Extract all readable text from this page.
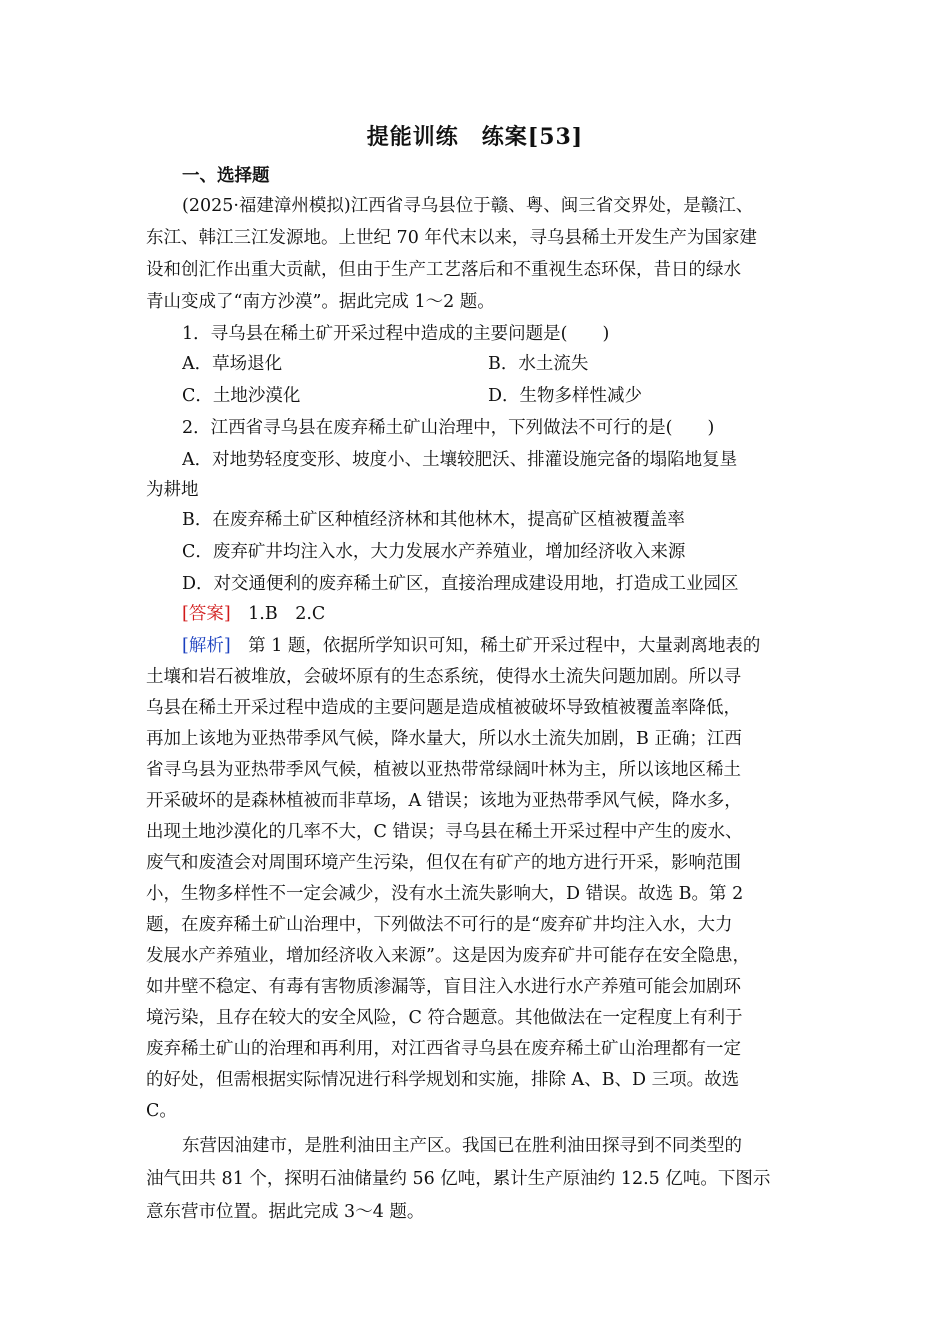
提能训练　练案[53]
一、选择题
(2025·福建漳州模拟)江西省寻乌县位于赣、粤、闽三省交界处，是赣江、
东江、韩江三江发源地。上世纪 70 年代末以来，寻乌县稀土开发生产为国家建
设和创汇作出重大贡献，但由于生产工艺落后和不重视生态环保，昔日的绿水
青山变成了“南方沙漠”。据此完成 1～2 题。
1．寻乌县在稀土矿开采过程中造成的主要问题是(　　)
A．草场退化	B．水土流失
C．土地沙漠化	D．生物多样性减少
2．江西省寻乌县在废弃稀土矿山治理中，下列做法不可行的是(　　)
A．对地势轻度变形、坡度小、土壤较肥沃、排灌设施完备的塌陷地复垦
为耕地
B．在废弃稀土矿区种植经济林和其他林木，提高矿区植被覆盖率
C．废弃矿井均注入水，大力发展水产养殖业，增加经济收入来源
D．对交通便利的废弃稀土矿区，直接治理成建设用地，打造成工业园区
[答案]　1.B　2.C
[解析]　第 1 题，依据所学知识可知，稀土矿开采过程中，大量剥离地表的
土壤和岩石被堆放，会破坏原有的生态系统，使得水土流失问题加剧。所以寻
乌县在稀土开采过程中造成的主要问题是造成植被破坏导致植被覆盖率降低，
再加上该地为亚热带季风气候，降水量大，所以水土流失加剧，B 正确；江西
省寻乌县为亚热带季风气候，植被以亚热带常绿阔叶林为主，所以该地区稀土
开采破坏的是森林植被而非草场，A 错误；该地为亚热带季风气候，降水多，
出现土地沙漠化的几率不大，C 错误；寻乌县在稀土开采过程中产生的废水、
废气和废渣会对周围环境产生污染，但仅在有矿产的地方进行开采，影响范围
小，生物多样性不一定会减少，没有水土流失影响大，D 错误。故选 B。第 2
题，在废弃稀土矿山治理中，下列做法不可行的是“废弃矿井均注入水，大力
发展水产养殖业，增加经济收入来源”。这是因为废弃矿井可能存在安全隐患，
如井壁不稳定、有毒有害物质渗漏等，盲目注入水进行水产养殖可能会加剧环
境污染，且存在较大的安全风险，C 符合题意。其他做法在一定程度上有利于
废弃稀土矿山的治理和再利用，对江西省寻乌县在废弃稀土矿山治理都有一定
的好处，但需根据实际情况进行科学规划和实施，排除 A、B、D 三项。故选
C。
东营因油建市，是胜利油田主产区。我国已在胜利油田探寻到不同类型的
油气田共 81 个，探明石油储量约 56 亿吨，累计生产原油约 12.5 亿吨。下图示
意东营市位置。据此完成 3～4 题。
